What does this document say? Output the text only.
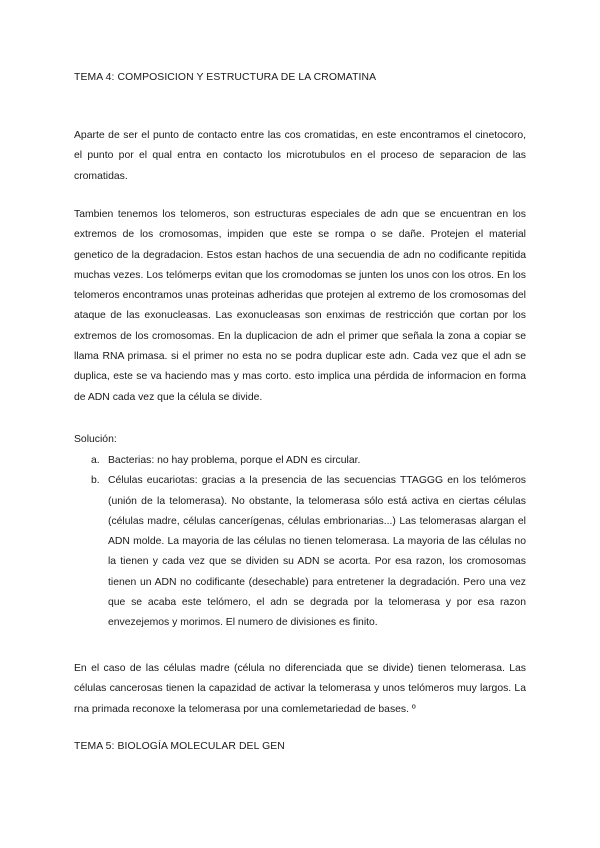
TEMA 4: COMPOSICION Y ESTRUCTURA DE LA CROMATINA

Aparte de ser el punto de contacto entre las cos cromatidas, en este encontramos el cinetocoro, el punto por el qual entra en contacto los microtubulos en el proceso de separacion de las cromatidas.

Tambien tenemos los telomeros, son estructuras especiales de adn que se encuentran en los extremos de los cromosomas, impiden que este se rompa o se dañe. Protejen el material genetico de la degradacion. Estos estan hachos de una secuendia de adn no codificante repitida muchas vezes. Los telómerps evitan que los cromodomas se junten los unos con los otros. En los telomeros encontramos unas proteinas adheridas que protejen al extremo de los cromosomas del ataque de las exonucleasas. Las exonucleasas son enximas de restricción que cortan por los extremos de los cromosomas. En la duplicacion de adn el primer que señala la zona a copiar se llama RNA primasa. si el primer no esta no se podra duplicar este adn. Cada vez que el adn se duplica, este se va haciendo mas y mas corto. esto implica una pérdida de informacion en forma de ADN cada vez que la célula se divide.

Solución:

a. Bacterias: no hay problema, porque el ADN es circular.
b. Células eucariotas: gracias a la presencia de las secuencias TTAGGG en los telómeros (unión de la telomerasa). No obstante, la telomerasa sólo está activa en ciertas células (células madre, células cancerígenas, células embrionarias...) Las telomerasas alargan el ADN molde. La mayoria de las células no tienen telomerasa. La mayoria de las células no la tienen y cada vez que se dividen su ADN se acorta. Por esa razon, los cromosomas tienen un ADN no codificante (desechable) para entretener la degradación. Pero una vez que se acaba este telómero, el adn se degrada por la telomerasa y por esa razon envezejemos y morimos. El numero de divisiones es finito.

En el caso de las células madre (célula no diferenciada que se divide) tienen telomerasa. Las células cancerosas tienen la capazidad de activar la telomerasa y unos telómeros muy largos. La rna primada reconoxe la telomerasa por una comlemetariedad de bases. º

TEMA 5: BIOLOGÍA MOLECULAR DEL GEN
